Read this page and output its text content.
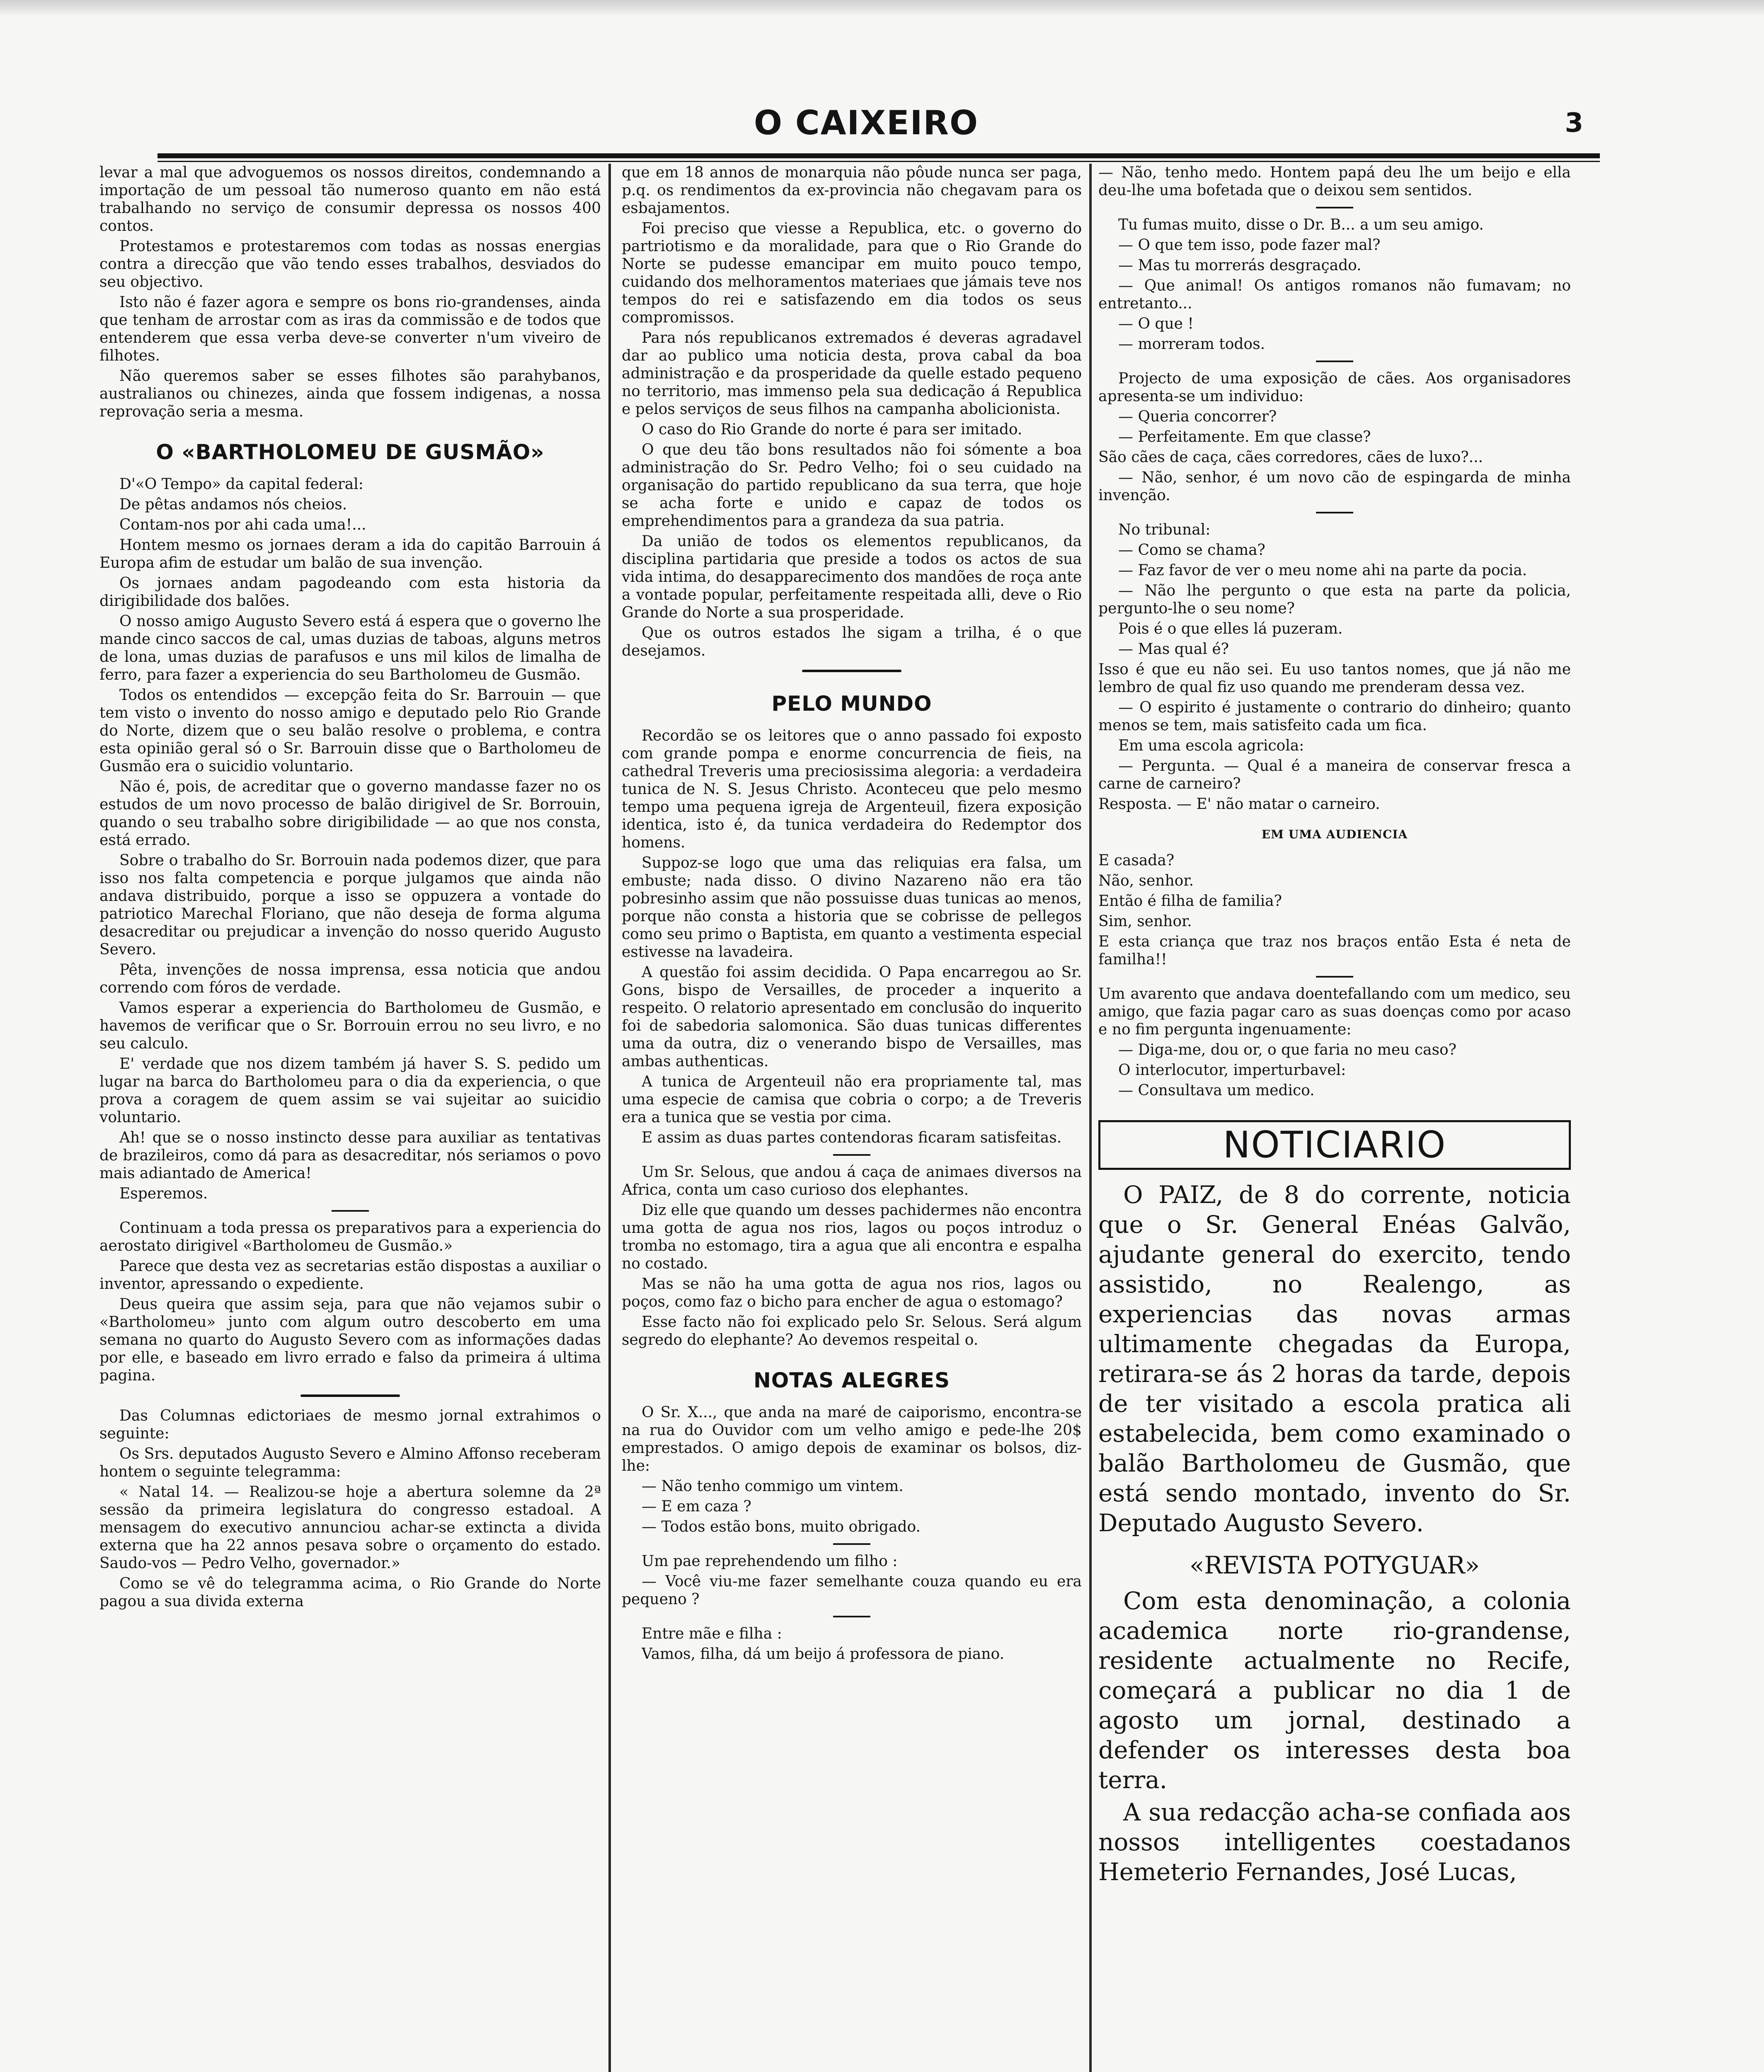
O CAIXEIRO	3

levar a mal que advoguemos os nossos direitos, condemnando a importação de um pessoal tão numeroso quanto em não está trabalhando no serviço de consumir depressa os nossos 400 contos.

Protestamos e protestaremos com todas as nossas energias contra a direcção que vão tendo esses trabalhos, desviados do seu objectivo.

Isto não é fazer agora e sempre os bons rio-grandenses, ainda que tenham de arrostar com as iras da commissão e de todos que entenderem que essa verba deve-se converter n'um viveiro de filhotes.

Não queremos saber se esses filhotes são parahybanos, australianos ou chinezes, ainda que fossem indigenas, a nossa reprovação seria a mesma.

O «BARTHOLOMEU DE GUSMÃO»

D'«O Tempo» da capital federal:

De pêtas andamos nós cheios.

Contam-nos por ahi cada uma!...

Hontem mesmo os jornaes deram a ida do capitão Barrouin á Europa afim de estudar um balão de sua invenção.

Os jornaes andam pagodeando com esta historia da dirigibilidade dos balões.

O nosso amigo Augusto Severo está á espera que o governo lhe mande cinco saccos de cal, umas duzias de taboas, alguns metros de lona, umas duzias de parafusos e uns mil kilos de limalha de ferro, para fazer a experiencia do seu Bartholomeu de Gusmão.

Todos os entendidos — excepção feita do Sr. Barrouin — que tem visto o invento do nosso amigo e deputado pelo Rio Grande do Norte, dizem que o seu balão resolve o problema, e contra esta opinião geral só o Sr. Barrouin disse que o Bartholomeu de Gusmão era o suicidio voluntario.

Não é, pois, de acreditar que o governo mandasse fazer no os estudos de um novo processo de balão dirigivel de Sr. Borrouin, quando o seu trabalho sobre dirigibilidade — ao que nos consta, está errado.

Sobre o trabalho do Sr. Borrouin nada podemos dizer, que para isso nos falta competencia e porque julgamos que ainda não andava distribuido, porque a isso se oppuzera a vontade do patriotico Marechal Floriano, que não deseja de forma alguma desacreditar ou prejudicar a invenção do nosso querido Augusto Severo.

Pêta, invenções de nossa imprensa, essa noticia que andou correndo com fóros de verdade.

Vamos esperar a experiencia do Bartholomeu de Gusmão, e havemos de verificar que o Sr. Borrouin errou no seu livro, e no seu calculo.

E' verdade que nos dizem também já haver S. S. pedido um lugar na barca do Bartholomeu para o dia da experiencia, o que prova a coragem de quem assim se vai sujeitar ao suicidio voluntario.

Ah! que se o nosso instincto desse para auxiliar as tentativas de brazileiros, como dá para as desacreditar, nós seriamos o povo mais adiantado de America!

Esperemos.

Continuam a toda pressa os preparativos para a experiencia do aerostato dirigivel «Bartholomeu de Gusmão.»

Parece que desta vez as secretarias estão dispostas a auxiliar o inventor, apressando o expediente.

Deus queira que assim seja, para que não vejamos subir o «Bartholomeu» junto com algum outro descoberto em uma semana no quarto do Augusto Severo com as informações dadas por elle, e baseado em livro errado e falso da primeira á ultima pagina.

Das Columnas edictoriaes de mesmo jornal extrahimos o seguinte:

Os Srs. deputados Augusto Severo e Almino Affonso receberam hontem o seguinte telegramma:

« Natal 14. — Realizou-se hoje a abertura solemne da 2ª sessão da primeira legislatura do congresso estadoal. A mensagem do executivo annunciou achar-se extincta a divida externa que ha 22 annos pesava sobre o orçamento do estado. Saudo-vos — Pedro Velho, governador.»

Como se vê do telegramma acima, o Rio Grande do Norte pagou a sua divida externa

que em 18 annos de monarquia não pôude nunca ser paga, p.q. os rendimentos da ex-provincia não chegavam para os esbajamentos.

Foi preciso que viesse a Republica, etc. o governo do partriotismo e da moralidade, para que o Rio Grande do Norte se pudesse emancipar em muito pouco tempo, cuidando dos melhoramentos materiaes que jámais teve nos tempos do rei e satisfazendo em dia todos os seus compromissos.

Para nós republicanos extremados é deveras agradavel dar ao publico uma noticia desta, prova cabal da boa administração e da prosperidade da quelle estado pequeno no territorio, mas immenso pela sua dedicação á Republica e pelos serviços de seus filhos na campanha abolicionista.

O caso do Rio Grande do norte é para ser imitado.

O que deu tão bons resultados não foi sómente a boa administração do Sr. Pedro Velho; foi o seu cuidado na organisação do partido republicano da sua terra, que hoje se acha forte e unido e capaz de todos os emprehendimentos para a grandeza da sua patria.

Da união de todos os elementos republicanos, da disciplina partidaria que preside a todos os actos de sua vida intima, do desapparecimento dos mandões de roça ante a vontade popular, perfeitamente respeitada alli, deve o Rio Grande do Norte a sua prosperidade.

Que os outros estados lhe sigam a trilha, é o que desejamos.

PELO MUNDO

Recordão se os leitores que o anno passado foi exposto com grande pompa e enorme concurrencia de fieis, na cathedral Treveris uma preciosissima alegoria: a verdadeira tunica de N. S. Jesus Christo. Aconteceu que pelo mesmo tempo uma pequena igreja de Argenteuil, fizera exposição identica, isto é, da tunica verdadeira do Redemptor dos homens.

Suppoz-se logo que uma das reliquias era falsa, um embuste; nada disso. O divino Nazareno não era tão pobresinho assim que não possuisse duas tunicas ao menos, porque não consta a historia que se cobrisse de pellegos como seu primo o Baptista, em quanto a vestimenta especial estivesse na lavadeira.

A questão foi assim decidida. O Papa encarregou ao Sr. Gons, bispo de Versailles, de proceder a inquerito a respeito. O relatorio apresentado em conclusão do inquerito foi de sabedoria salomonica. São duas tunicas differentes uma da outra, diz o venerando bispo de Versailles, mas ambas authenticas.

A tunica de Argenteuil não era propriamente tal, mas uma especie de camisa que cobria o corpo; a de Treveris era a tunica que se vestia por cima.

E assim as duas partes contendoras ficaram satisfeitas.

Um Sr. Selous, que andou á caça de animaes diversos na Africa, conta um caso curioso dos elephantes.

Diz elle que quando um desses pachidermes não encontra uma gotta de agua nos rios, lagos ou poços introduz o tromba no estomago, tira a agua que ali encontra e espalha no costado.

Mas se não ha uma gotta de agua nos rios, lagos ou poços, como faz o bicho para encher de agua o estomago?

Esse facto não foi explicado pelo Sr. Selous. Será algum segredo do elephante? Ao devemos respeital o.

NOTAS ALEGRES

O Sr. X..., que anda na maré de caiporismo, encontra-se na rua do Ouvidor com um velho amigo e pede-lhe 20$ emprestados. O amigo depois de examinar os bolsos, diz-lhe:

— Não tenho commigo um vintem.

— E em caza ?

— Todos estão bons, muito obrigado.

Um pae reprehendendo um filho :

— Você viu-me fazer semelhante couza quando eu era pequeno ?

Entre mãe e filha :

Vamos, filha, dá um beijo á professora de piano.

— Não, tenho medo. Hontem papá deu lhe um beijo e ella deu-lhe uma bofetada que o deixou sem sentidos.

Tu fumas muito, disse o Dr. B... a um seu amigo.

— O que tem isso, pode fazer mal?

— Mas tu morrerás desgraçado.

— Que animal! Os antigos romanos não fumavam; no entretanto...

— O que !

— morreram todos.

Projecto de uma exposição de cães. Aos organisadores apresenta-se um individuo:

— Queria concorrer?

— Perfeitamente. Em que classe?

São cães de caça, cães corredores, cães de luxo?...

— Não, senhor, é um novo cão de espingarda de minha invenção.

No tribunal:

— Como se chama?

— Faz favor de ver o meu nome ahi na parte da pocia.

— Não lhe pergunto o que esta na parte da policia, pergunto-lhe o seu nome?

Pois é o que elles lá puzeram.

— Mas qual é?

Isso é que eu não sei. Eu uso tantos nomes, que já não me lembro de qual fiz uso quando me prenderam dessa vez.

— O espirito é justamente o contrario do dinheiro; quanto menos se tem, mais satisfeito cada um fica.

Em uma escola agricola:

— Pergunta. — Qual é a maneira de conservar fresca a carne de carneiro?

Resposta. — E' não matar o carneiro.

EM UMA AUDIENCIA

E casada?

Não, senhor.

Então é filha de familia?

Sim, senhor.

E esta criança que traz nos braços então Esta é neta de familha!!

Um avarento que andava doentefallando com um medico, seu amigo, que fazia pagar caro as suas doenças como por acaso e no fim pergunta ingenuamente:

— Diga-me, dou or, o que faria no meu caso?

O interlocutor, imperturbavel:

— Consultava um medico.

NOTICIARIO

O PAIZ, de 8 do corrente, noticia que o Sr. General Enéas Galvão, ajudante general do exercito, tendo assistido, no Realengo, as experiencias das novas armas ultimamente chegadas da Europa, retirara-se ás 2 horas da tarde, depois de ter visitado a escola pratica ali estabelecida, bem como examinado o balão Bartholomeu de Gusmão, que está sendo montado, invento do Sr. Deputado Augusto Severo.

«REVISTA POTYGUAR»

Com esta denominação, a colonia academica norte rio-grandense, residente actualmente no Recife, começará a publicar no dia 1 de agosto um jornal, destinado a defender os interesses desta boa terra.

A sua redacção acha-se confiada aos nossos intelligentes coestadanos Hemeterio Fernandes, José Lucas,
